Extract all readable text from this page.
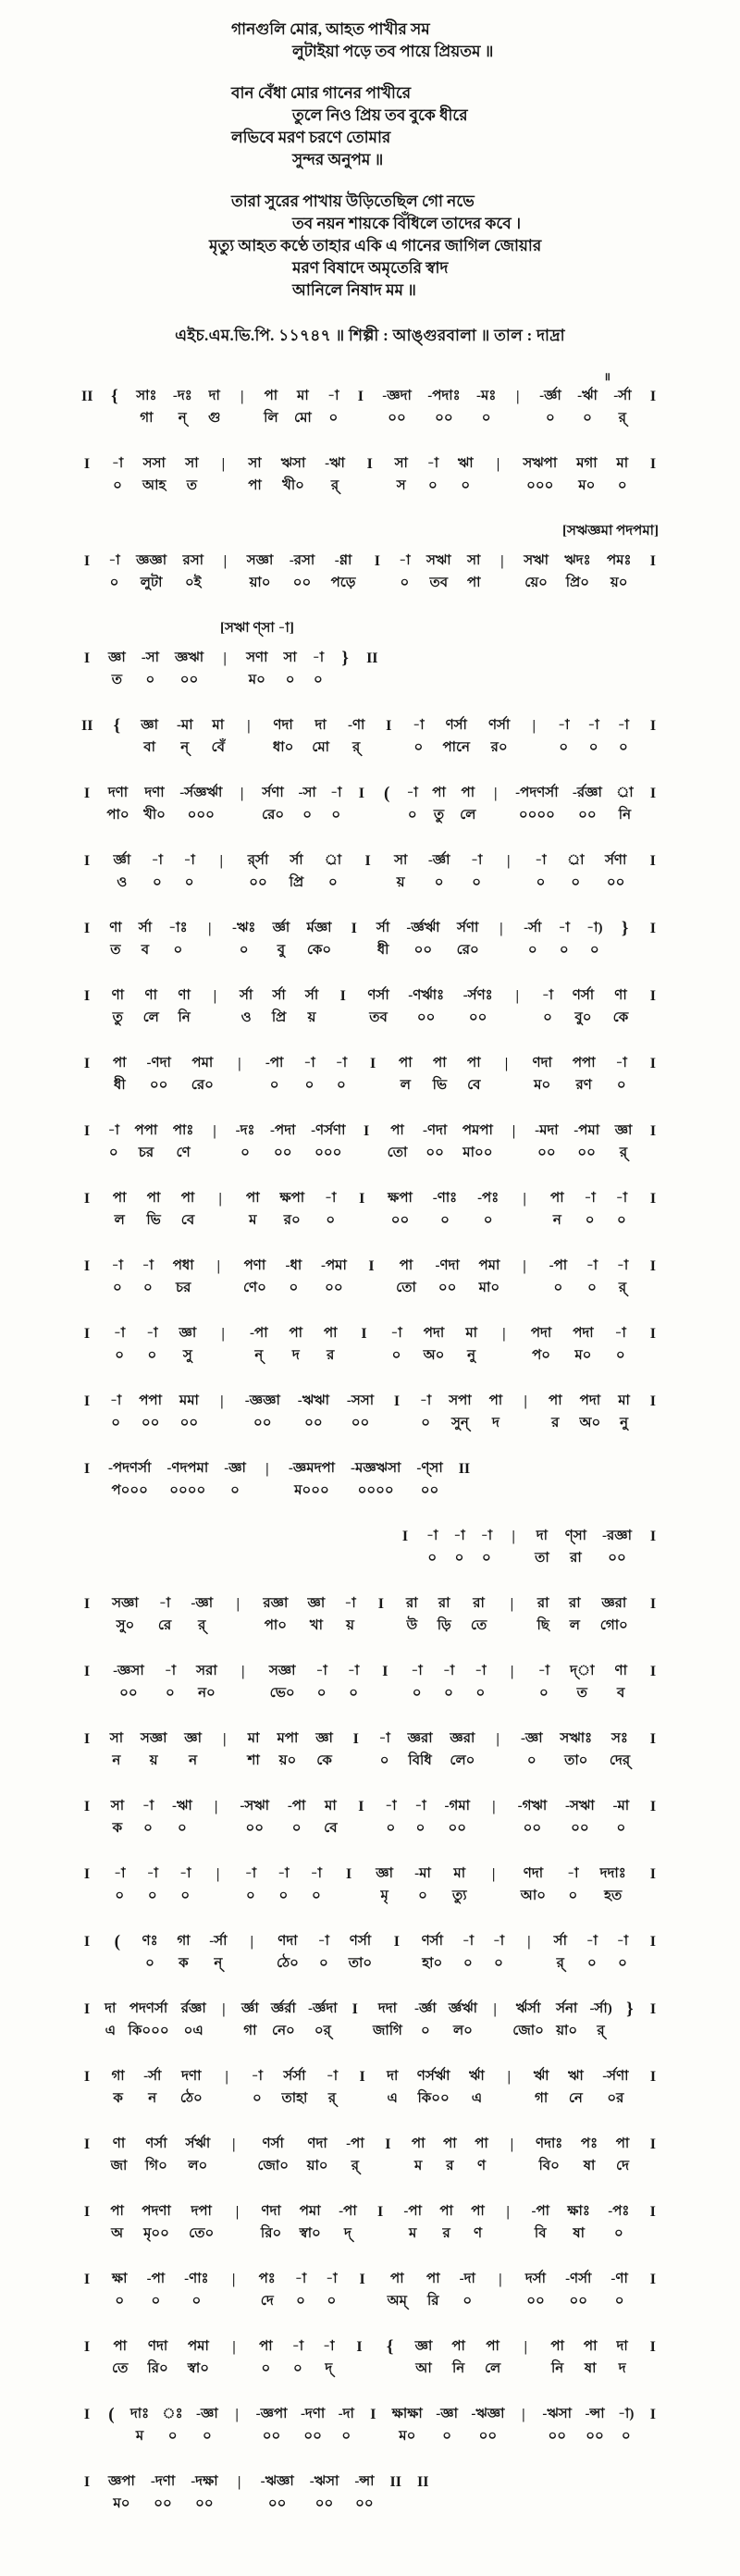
গানগুলি মোর, আহত পাখীর সম
লুটাইয়া পড়ে তব পায়ে প্রিয়তম ॥
বান বেঁধা মোর গানের পাখীরে
তুলে নিও প্রিয় তব বুকে ধীরে
লভিবে মরণ চরণে তোমার
সুন্দর অনুপম ॥
তারা সুরের পাখায় উড়িতেছিল গো নভে
তব নয়ন শায়কে বিঁধিলে তাদের কবে ।
মৃত্যু আহত কণ্ঠে তাহার একি এ গানের জাগিল জোয়ার
মরণ বিষাদে অমৃতেরি স্বাদ
আনিলে নিষাদ মম ॥
এইচ.এম.ভি.পি. ১১৭৪৭ ॥ শিল্পী : আঙ্গুরবালা ॥ তাল : দাদ্রা
॥
II { সাঃ
গা
-দঃ
ন্
দা
গু
| পা
লি
মা
মো
-া
০
I -জ্ঞদা
০০
-পদাঃ
০০
-মঃ
০
| -র্জ্ঞা
০
-র্ঋা
০
-র্সা
র্
I
I -া
০
সসা
আহ
সা
ত
| সা
পা
ঋসা
খী০
-ঋা
র্
I সা
স
-া
০
ঋা
০
| সঋপা
০০০
মগা
ম০
মা
০
I
[সঋজ্ঞমা পদপমা]
I -া
০
জ্ঞজ্ঞা
লুটা
রসা
০ই
| সজ্ঞা
য়া০
-রসা
০০
-ণ্ণা
পড়ে
I -া
০
সঋা
তব
সা
পা
| সঋা
য়ে০
ঋদঃ
প্রি০
পমঃ
য়০
I
[সঋা ণ্সা -া]
I জ্ঞা
ত
-সা
০
জ্ঞঋা
০০
| সণা
ম০
সা
০
-া
০
} II
II { জ্ঞা
বা
-মা
ন্
মা
বেঁ
| ণদা
ধা০
দা
মো
-ণা
র্
I -া
০
ণর্সা
পানে
ণর্সা
র০
| -া
০
-া
০
-া
০
I
I দণা
পা০
দণা
খী০
-র্সজ্ঞর্ঋা
০০০
| র্সণা
রে০
-সা
০
-া
০
I ( -া
০
পা
তু
পা
লে
| -পদণর্সা
০০০০
-র্রজ্ঞা
০০
র্া
নি
I
I র্জ্ঞা
ও
-া
০
-া
০
| র্র্সা
০০
র্সা
প্রি
র্া
০
I সা
য়
-র্জ্ঞা
০
-া
০
| -া
০
র্া
০
র্সণা
০০
I
I ণা
ত
র্সা
ব
-াঃ
০
| -ঋঃ
০
র্জ্ঞা
বু
র্মজ্ঞা
কে০
I র্সা
ধী
-র্জ্ঞর্ঋা
০০
র্সণা
রে০
| -র্সা
০
-া
০
-া)
০
} I
I ণা
তু
ণা
লে
ণা
নি
| র্সা
ও
র্সা
প্রি
র্সা
য়
I ণর্সা
তব
-ণর্ঋাঃ
০০
-র্সণঃ
০০
| -া
০
ণর্সা
বু০
ণা
কে
I
I পা
ধী
-ণদা
০০
পমা
রে০
| -পা
০
-া
০
-া
০
I পা
ল
পা
ভি
পা
বে
| ণদা
ম০
পপা
রণ
-া
০
I
I -া
০
পপা
চর
পাঃ
ণে
| -দঃ
০
-পদা
০০
-ণর্সণা
০০০
I পা
তো
-ণদা
০০
পমপা
মা০০
| -মদা
০০
-পমা
০০
জ্ঞা
র্
I
I পা
ল
পা
ভি
পা
বে
| পা
ম
ক্ষপা
র০
-া
০
I ক্ষপা
০০
-ণাঃ
০
-পঃ
০
| পা
ন
-া
০
-া
০
I
I -া
০
-া
০
পধা
চর
| পণা
ণে০
-ধা
০
-পমা
০০
I পা
তো
-ণদা
০০
পমা
মা০
| -পা
০
-া
০
-া
র্
I
I -া
০
-া
০
জ্ঞা
সু
| -পা
ন্
পা
দ
পা
র
I -া
০
পদা
অ০
মা
নু
| পদা
প০
পদা
ম০
-া
০
I
I -া
০
পপা
০০
মমা
০০
| -জ্ঞজ্ঞা
০০
-ঋঋা
০০
-সসা
০০
I -া
০
সপা
সুন্
পা
দ
| পা
র
পদা
অ০
মা
নু
I
I -পদণর্সা
প০০০
-ণদপমা
০০০০
-জ্ঞা
০
| -জ্ঞমদপা
ম০০০
-মজ্ঞঋসা
০০০০
-ণ্সা
০০
II
I -া
০
-া
০
-া
০
| দা
তা
ণ্সা
রা
-রজ্ঞা
০০
I
I সজ্ঞা
সু০
-া
রে
-জ্ঞা
র্
| রজ্ঞা
পা০
জ্ঞা
খা
-া
য়
I রা
উ
রা
ড়ি
রা
তে
| রা
ছি
রা
ল
জ্ঞরা
গো০
I
I -জ্ঞসা
০০
-া
০
সরা
ন০
| সজ্ঞা
ভে০
-া
০
-া
০
I -া
০
-া
০
-া
০
| -া
০
দ্া
ত
ণা
ব
I
I সা
ন
সজ্ঞা
য়
জ্ঞা
ন
| মা
শা
মপা
য়০
জ্ঞা
কে
I -া
০
জ্ঞরা
বিধি
জ্ঞরা
লে০
| -জ্ঞা
০
সঋাঃ
তা০
সঃ
দের্
I
I সা
ক
-া
০
-ঋা
০
| -সঋা
০০
-পা
০
মা
বে
I -া
০
-া
০
-গমা
০০
| -গঋা
০০
-সঋা
০০
-মা
০
I
I -া
০
-া
০
-া
০
| -া
০
-া
০
-া
০
I জ্ঞা
মৃ
-মা
০
মা
ত্যু
| ণদা
আ০
-া
০
দদাঃ
হত
I
I ( ণঃ
০
গা
ক
-র্সা
ন্
| ণদা
ঠে০
-া
০
ণর্সা
তা০
I ণর্সা
হা০
-া
০
-া
০
| র্সা
র্
-া
০
-া
০
I
I দা
এ
পদণর্সা
কি০০০
র্রজ্ঞা
০এ
| র্জ্ঞা
গা
র্জ্ঞর্রা
নে০
-র্জ্ঞদা
০র্
I দদা
জাগি
-র্জ্ঞা
০
র্জ্ঞর্ঋা
ল০
| র্ঋর্সা
জো০
র্সনা
য়া০
-র্সা)
র্
} I
I গা
ক
-র্সা
ন
দণা
ঠে০
| -া
০
র্সর্সা
তাহা
-া
র্
I দা
এ
ণর্সর্ঋা
কি০০
র্ঋা
এ
| র্ঋা
গা
ঋা
নে
-র্সণা
০র
I
I ণা
জা
ণর্সা
গি০
র্সর্ঋা
ল০
| ণর্সা
জো০
ণদা
য়া০
-পা
র্
I পা
ম
পা
র
পা
ণ
| ণদাঃ
বি০
পঃ
ষা
পা
দে
I
I পা
অ
পদণা
মৃ০০
দপা
তে০
| ণদা
রি০
পমা
স্বা০
-পা
দ্
I -পা
ম
পা
র
পা
ণ
| -পা
বি
ক্ষাঃ
ষা
-পঃ
০
I
I ক্ষা
০
-পা
০
-ণাঃ
০
| পঃ
দে
-া
০
-া
০
I পা
অম্
পা
রি
-দা
০
| দর্সা
০০
-ণর্সা
০০
-ণা
০
I
I পা
তে
ণদা
রি০
পমা
স্বা০
| পা
০
-া
০
-া
দ্
I { জ্ঞা
আ
পা
নি
পা
লে
| পা
নি
পা
ষা
দা
দ
I
I ( দাঃ
ম
ঃ
০
-জ্ঞা
০
| -জ্ঞপা
০০
-দণা
০০
-দা
০
I ক্ষাক্ষা
ম০
-জ্ঞা
০
-ঋজ্ঞা
০০
| -ঋসা
০০
-ন্সা
০০
-া)
০
I
I জ্ঞপা
ম০
-দণা
০০
-দক্ষা
০০
| -ঋজ্ঞা
০০
-ঋসা
০০
-ন্সা
০০
II II
